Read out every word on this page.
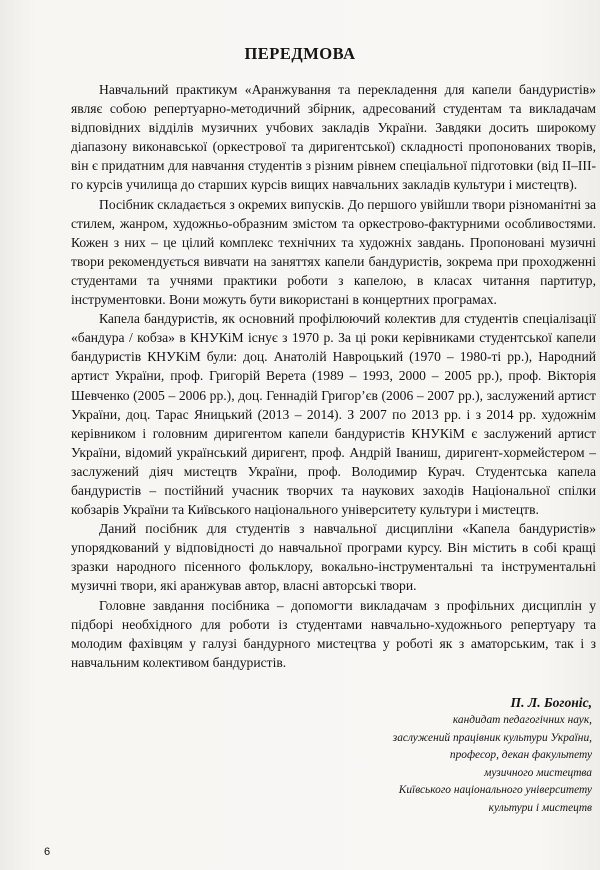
ПЕРЕДМОВА

Навчальний практикум «Аранжування та перекладення для капели бандуристів» являє собою репертуарно-методичний збірник, адресований студентам та викладачам відповідних відділів музичних учбових закладів України. Завдяки досить широкому діапазону виконавської (оркестрової та диригентської) складності пропонованих творів, він є придатним для навчання студентів з різним рівнем спеціальної підготовки (від II–III-го курсів училища до старших курсів вищих навчальних закладів культури і мистецтв).

Посібник складається з окремих випусків. До першого увійшли твори різноманітні за стилем, жанром, художньо-образним змістом та оркестрово-фактурними особливостями. Кожен з них – це цілий комплекс технічних та художніх завдань. Пропоновані музичні твори рекомендується вивчати на заняттях капели бандуристів, зокрема при проходженні студентами та учнями практики роботи з капелою, в класах читання партитур, інструментовки. Вони можуть бути використані в концертних програмах.

Капела бандуристів, як основний профілюючий колектив для студентів спеціалізації «бандура / кобза» в КНУКіМ існує з 1970 р. За ці роки керівниками студентської капели бандуристів КНУКіМ були: доц. Анатолій Навроцький (1970 – 1980-ті рр.), Народний артист України, проф. Григорій Верета (1989 – 1993, 2000 – 2005 рр.), проф. Вікторія Шевченко (2005 – 2006 рр.), доц. Геннадій Григор’єв (2006 – 2007 рр.), заслужений артист України, доц. Тарас Яницький (2013 – 2014). З 2007 по 2013 рр. і з 2014 рр. художнім керівником і головним диригентом капели бандуристів КНУКіМ є заслужений артист України, відомий український диригент, проф. Андрій Іваниш, диригент-хормейстером – заслужений діяч мистецтв України, проф. Володимир Курач. Студентська капела бандуристів – постійний учасник творчих та наукових заходів Національної спілки кобзарів України та Київського національного університету культури і мистецтв.

Даний посібник для студентів з навчальної дисципліни «Капела бандуристів» упорядкований у відповідності до навчальної програми курсу. Він містить в собі кращі зразки народного пісенного фольклору, вокально-інструментальні та інструментальні музичні твори, які аранжував автор, власні авторські твори.

Головне завдання посібника – допомогти викладачам з профільних дисциплін у підборі необхідного для роботи із студентами навчально-художнього репертуару та молодим фахівцям у галузі бандурного мистецтва у роботі як з аматорським, так і з навчальним колективом бандуристів.

П. Л. Богоніс,
кандидат педагогічних наук,
заслужений працівник культури України,
професор, декан факультету
музичного мистецтва
Київського національного університету
культури і мистецтв
6
